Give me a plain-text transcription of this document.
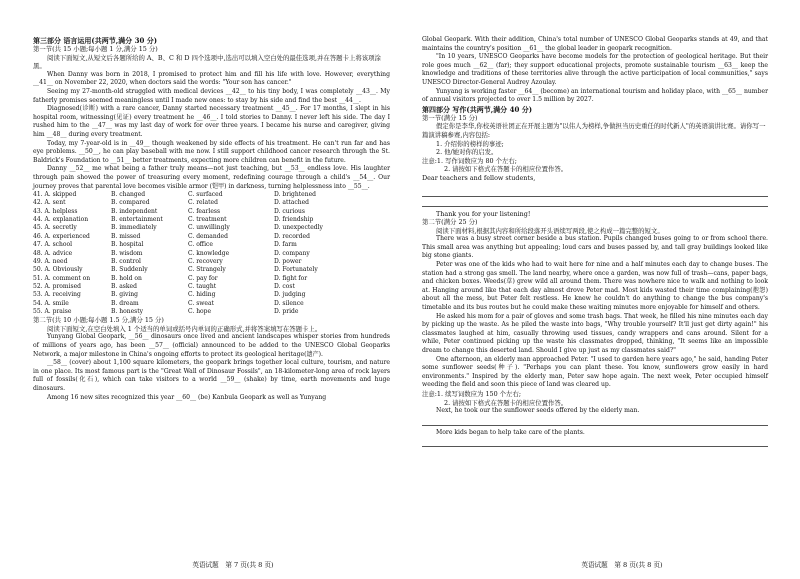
第三部分 语言运用(共两节,满分 30 分)

第一节(共 15 小题;每小题 1 分,满分 15 分)

阅读下面短文,从短文后各题所给的 A、B、C 和 D 四个选项中,选出可以填入空白处的最佳选项,并在答题卡上将该项涂黑。

When Danny was born in 2018, I promised to protect him and fill his life with love. However, everything __41__ on November 22, 2020, when doctors said the words: "Your son has cancer."

Seeing my 27-month-old struggled with medical devices __42__ to his tiny body, I was completely __43__. My fatherly promises seemed meaningless until I made new ones: to stay by his side and find the best __44__.

Diagnosed(诊断) with a rare cancer, Danny started necessary treatment __45__. For 17 months, I slept in his hospital room, witnessing(见证) every treatment he __46__. I told stories to Danny. I never left his side. The day I rushed him to the __47__ was my last day of work for over three years. I became his nurse and caregiver, giving him __48__ during every treatment.

Today, my 7-year-old is in __49__ though weakened by side effects of his treatment. He can't run far and has eye problems. __50__, he can play baseball with me now. I still support childhood cancer research through the St. Baldrick's Foundation to __51__ better treatments, expecting more children can benefit in the future.

Danny __52__ me what being a father truly means—not just teaching, but __53__ endless love. His laughter through pain showed the power of treasuring every moment, redefining courage through a child's __54__. Our journey proves that parental love becomes visible armor (铠甲) in darkness, turning helplessness into __55__.

41. A. skipped	B. changed	C. surfaced	D. brightened
42. A. sent	B. compared	C. related	D. attached
43. A. helpless	B. independent	C. fearless	D. curious
44. A. explanation	B. entertainment	C. treatment	D. friendship
45. A. secretly	B. immediately	C. unwillingly	D. unexpectedly
46. A. experienced	B. missed	C. demanded	D. recorded
47. A. school	B. hospital	C. office	D. farm
48. A. advice	B. wisdom	C. knowledge	D. company
49. A. need	B. control	C. recovery	D. power
50. A. Obviously	B. Suddenly	C. Strangely	D. Fortunately
51. A. comment on	B. hold on	C. pay for	D. fight for
52. A. promised	B. asked	C. taught	D. cost
53. A. receiving	B. giving	C. hiding	D. judging
54. A. smile	B. dream	C. sweat	D. silence
55. A. praise	B. honesty	C. hope	D. pride

第二节(共 10 小题;每小题 1.5 分,满分 15 分)

阅读下面短文,在空白处填入 1 个适当的单词或括号内单词的正确形式,并将答案填写在答题卡上。

Yunyang Global Geopark, __56__ dinosaurs once lived and ancient landscapes whisper stories from hundreds of millions of years ago, has been __57__ (official) announced to be added to the UNESCO Global Geoparks Network, a major milestone in China's ongoing efforts to protect its geological heritage(遗产).

__58__ (cover) about 1,100 square kilometers, the geopark brings together local culture, tourism, and nature in one place. Its most famous part is the "Great Wall of Dinosaur Fossils", an 18-kilometer-long area of rock layers full of fossils(化石), which can take visitors to a world __59__ (shake) by time, earth movements and huge dinosaurs.

Among 16 new sites recognized this year __60__ (be) Kanbula Geopark as well as Yunyang

英语试题　第 7 页(共 8 页)

Global Geopark. With their addition, China's total number of UNESCO Global Geoparks stands at 49, and that maintains the country's position __61__ the global leader in geopark recognition.

"In 10 years, UNESCO Geoparks have become models for the protection of geological heritage. But their role goes much __62__ (far); they support educational projects, promote sustainable tourism __63__ keep the knowledge and traditions of these territories alive through the active participation of local communities," says UNESCO Director-General Audrey Azoulay.

Yunyang is working faster __64__ (become) an international tourism and holiday place, with __65__ number of annual visitors projected to over 1.5 million by 2027.

第四部分 写作(共两节,满分 40 分)

第一节(满分 15 分)

假定你是李华,你校英语社团正在开展主题为"以伟人为榜样,争做担当历史重任的时代新人"的英语演讲比赛。请你写一篇演讲稿参赛,内容包括:

1. 介绍你的榜样的事迹;

2. 他/她对你的启发。

注意:1. 写作词数应为 80 个左右;

2. 请按如下格式在答题卡的相应位置作答。

Dear teachers and fellow students,

Thank you for your listening!

第二节(满分 25 分)

阅读下面材料,根据其内容和所给段落开头语续写两段,使之构成一篇完整的短文。

There was a busy street corner beside a bus station. Pupils changed buses going to or from school there. This small area was anything but appealing; loud cars and buses passed by, and tall gray buildings looked like big stone giants.

Peter was one of the kids who had to wait here for nine and a half minutes each day to change buses. The station had a strong gas smell. The land nearby, where once a garden, was now full of trash—cans, paper bags, and chicken boxes. Weeds(草) grew wild all around them. There was nowhere nice to walk and nothing to look at. Hanging around like that each day almost drove Peter mad. Most kids wasted their time complaining(抱怨) about all the mess, but Peter felt restless. He knew he couldn't do anything to change the bus company's timetable and its bus routes but he could make these waiting minutes more enjoyable for himself and others.

He asked his mom for a pair of gloves and some trash bags. That week, he filled his nine minutes each day by picking up the waste. As he piled the waste into bags, "Why trouble yourself? It'll just get dirty again!" his classmates laughed at him, casually throwing used tissues, candy wrappers and cans around. Silent for a while, Peter continued picking up the waste his classmates dropped, thinking, "It seems like an impossible dream to change this deserted land. Should I give up just as my classmates said?"

One afternoon, an elderly man approached Peter. "I used to garden here years ago," he said, handing Peter some sunflower seeds(种子). "Perhaps you can plant these. You know, sunflowers grow easily in hard environments." Inspired by the elderly man, Peter saw hope again. The next week, Peter occupied himself weeding the field and soon this piece of land was cleared up.

注意:1. 续写词数应为 150 个左右;

2. 请按如下格式在答题卡的相应位置作答。

Next, he took our the sunflower seeds offered by the elderly man.

More kids began to help take care of the plants.

英语试题　第 8 页(共 8 页)
